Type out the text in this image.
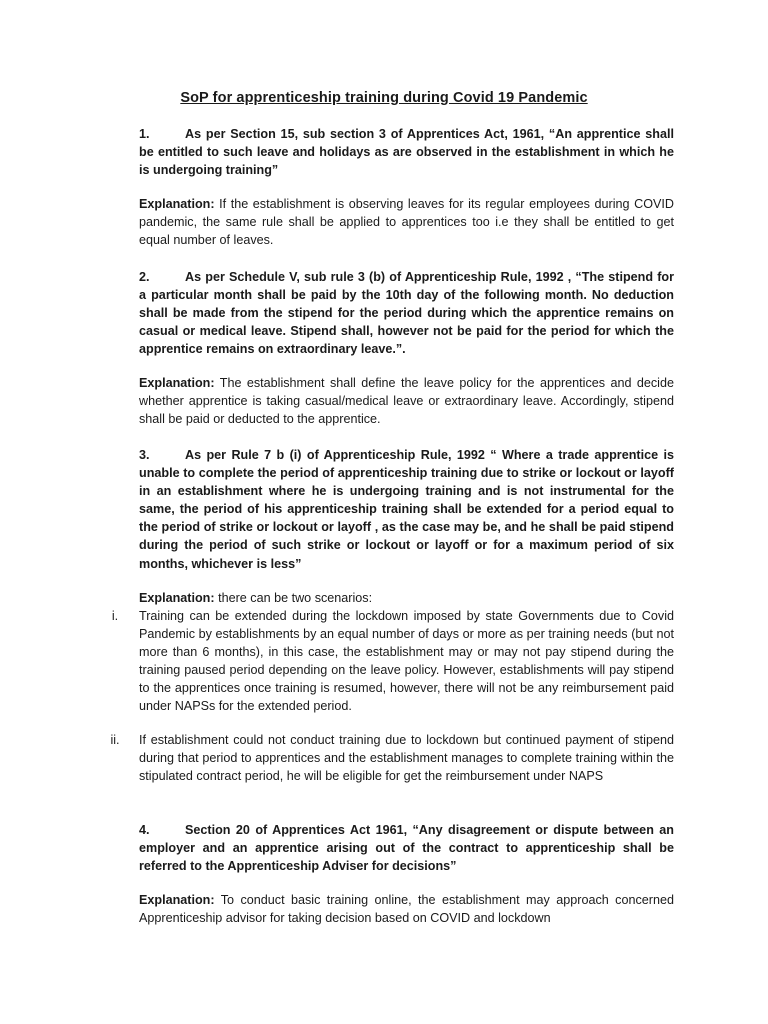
SoP for apprenticeship training during Covid 19 Pandemic
1.	As per Section 15, sub section 3 of Apprentices Act, 1961, “An apprentice shall be entitled to such leave and holidays as are observed in the establishment in which he is undergoing training”
Explanation: If the establishment is observing leaves for its regular employees during COVID pandemic, the same rule shall be applied to apprentices too i.e they shall be entitled to get equal number of leaves.
2.	As per Schedule V, sub rule 3 (b) of Apprenticeship Rule, 1992 , “The stipend for a particular month shall be paid by the 10th day of the following month. No deduction shall be made from the stipend for the period during which the apprentice remains on casual or medical leave. Stipend shall, however not be paid for the period for which the apprentice remains on extraordinary leave.”.
Explanation: The establishment shall define the leave policy for the apprentices and decide whether apprentice is taking casual/medical leave or extraordinary leave. Accordingly, stipend shall be paid or deducted to the apprentice.
3.	As per Rule 7 b (i) of Apprenticeship Rule, 1992 “ Where a trade apprentice is unable to complete the period of apprenticeship training due to strike or lockout or layoff in an establishment where he is undergoing training and is not instrumental for the same, the period of his apprenticeship training shall be extended for a period equal to the period of strike or lockout or layoff , as the case may be, and he shall be paid stipend during the period of such strike or lockout or layoff or for a maximum period of six months, whichever is less”
Explanation: there can be two scenarios:
i.	Training can be extended during the lockdown imposed by state Governments due to Covid Pandemic by establishments by an equal number of days or more as per training needs (but not more than 6 months), in this case, the establishment may or may not pay stipend during the training paused period depending on the leave policy. However, establishments will pay stipend to the apprentices once training is resumed, however, there will not be any reimbursement paid under NAPSs for the extended period.
ii.	If establishment could not conduct training due to lockdown but continued payment of stipend during that period to apprentices and the establishment manages to complete training within the stipulated contract period, he will be eligible for get the reimbursement under NAPS
4.	Section 20 of Apprentices Act 1961, “Any disagreement or dispute between an employer and an apprentice arising out of the contract to apprenticeship shall be referred to the Apprenticeship Adviser for decisions”
Explanation: To conduct basic training online, the establishment may approach concerned Apprenticeship advisor for taking decision based on COVID and lockdown
